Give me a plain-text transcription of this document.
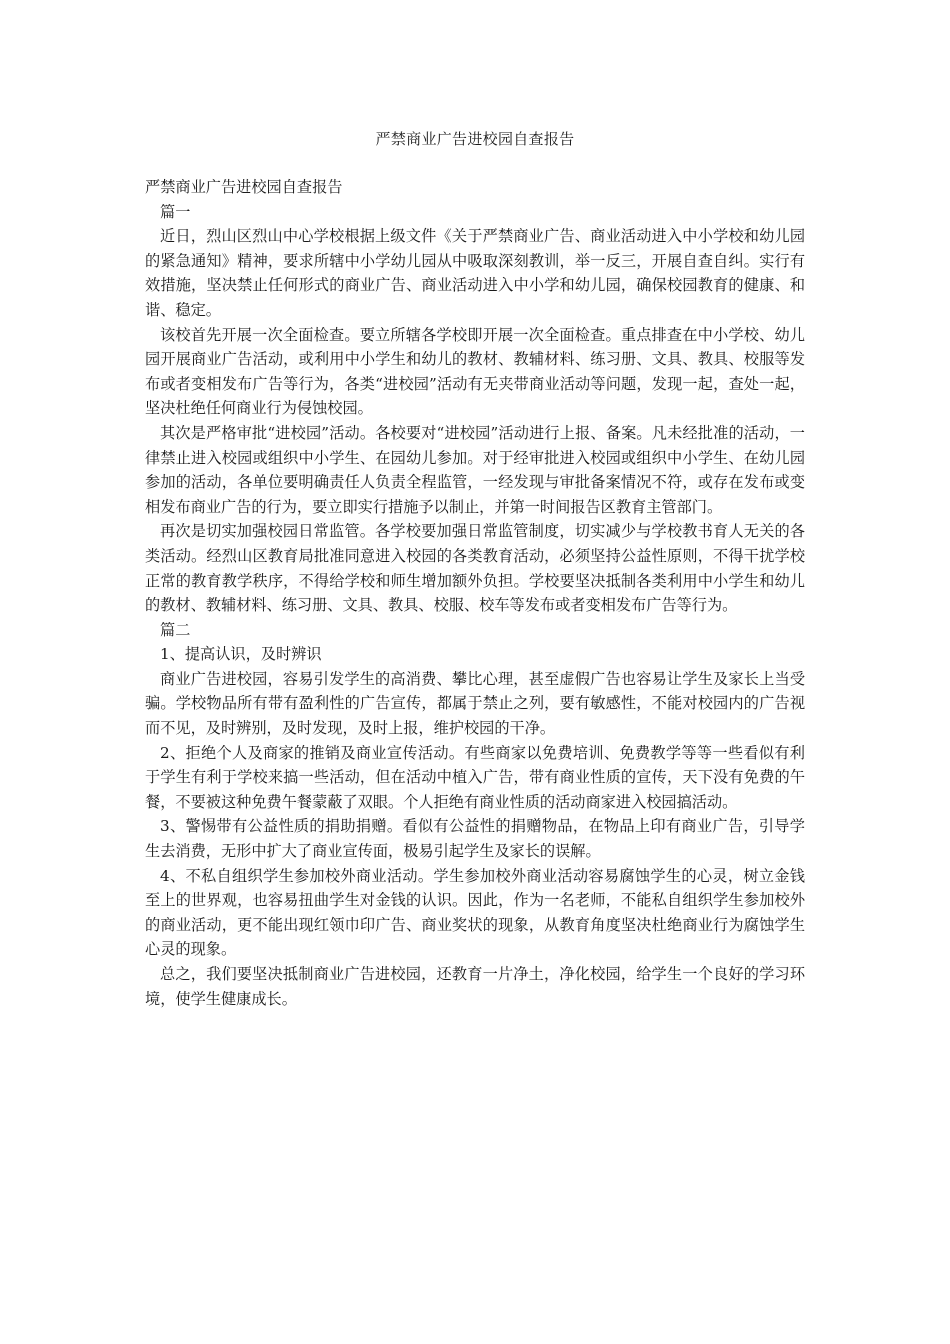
严禁商业广告进校园自查报告

严禁商业广告进校园自查报告

篇一

近日，烈山区烈山中心学校根据上级文件《关于严禁商业广告、商业活动进入中小学校和幼儿园的紧急通知》精神，要求所辖中小学幼儿园从中吸取深刻教训，举一反三，开展自查自纠。实行有效措施，坚决禁止任何形式的商业广告、商业活动进入中小学和幼儿园，确保校园教育的健康、和谐、稳定。

该校首先开展一次全面检查。要立所辖各学校即开展一次全面检查。重点排查在中小学校、幼儿园开展商业广告活动，或利用中小学生和幼儿的教材、教辅材料、练习册、文具、教具、校服等发布或者变相发布广告等行为，各类“进校园”活动有无夹带商业活动等问题，发现一起，查处一起，坚决杜绝任何商业行为侵蚀校园。

其次是严格审批“进校园”活动。各校要对“进校园”活动进行上报、备案。凡未经批准的活动，一律禁止进入校园或组织中小学生、在园幼儿参加。对于经审批进入校园或组织中小学生、在幼儿园参加的活动，各单位要明确责任人负责全程监管，一经发现与审批备案情况不符，或存在发布或变相发布商业广告的行为，要立即实行措施予以制止，并第一时间报告区教育主管部门。

再次是切实加强校园日常监管。各学校要加强日常监管制度，切实减少与学校教书育人无关的各类活动。经烈山区教育局批准同意进入校园的各类教育活动，必须坚持公益性原则，不得干扰学校正常的教育教学秩序，不得给学校和师生增加额外负担。学校要坚决抵制各类利用中小学生和幼儿的教材、教辅材料、练习册、文具、教具、校服、校车等发布或者变相发布广告等行为。

篇二

1、提高认识，及时辨识

商业广告进校园，容易引发学生的高消费、攀比心理，甚至虚假广告也容易让学生及家长上当受骗。学校物品所有带有盈利性的广告宣传，都属于禁止之列，要有敏感性，不能对校园内的广告视而不见，及时辨别，及时发现，及时上报，维护校园的干净。

2、拒绝个人及商家的推销及商业宣传活动。有些商家以免费培训、免费教学等等一些看似有利于学生有利于学校来搞一些活动，但在活动中植入广告，带有商业性质的宣传，天下没有免费的午餐，不要被这种免费午餐蒙蔽了双眼。个人拒绝有商业性质的活动商家进入校园搞活动。

3、警惕带有公益性质的捐助捐赠。看似有公益性的捐赠物品，在物品上印有商业广告，引导学生去消费，无形中扩大了商业宣传面，极易引起学生及家长的误解。

4、不私自组织学生参加校外商业活动。学生参加校外商业活动容易腐蚀学生的心灵，树立金钱至上的世界观，也容易扭曲学生对金钱的认识。因此，作为一名老师，不能私自组织学生参加校外的商业活动，更不能出现红领巾印广告、商业奖状的现象，从教育角度坚决杜绝商业行为腐蚀学生心灵的现象。

总之，我们要坚决抵制商业广告进校园，还教育一片净土，净化校园，给学生一个良好的学习环境，使学生健康成长。
